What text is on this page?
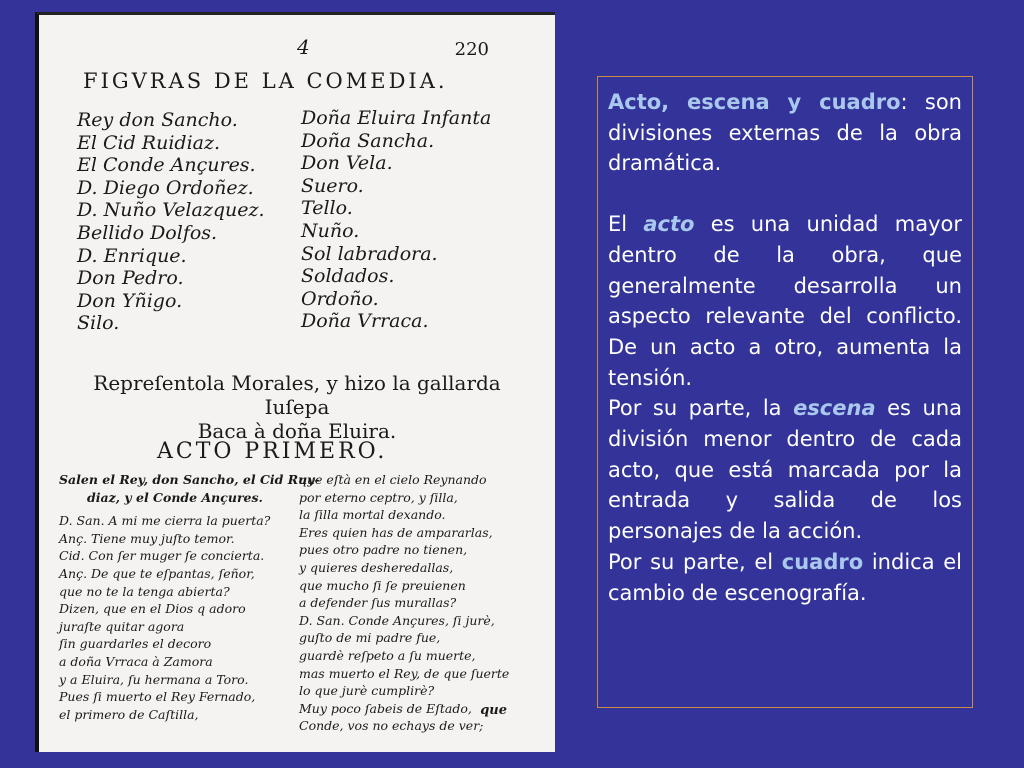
4	220
FIGVRAS DE LA COMEDIA.
Rey don Sancho.
El Cid Ruidiaz.
El Conde Ançures.
D. Diego Ordoñez.
D. Nuño Velazquez.
Bellido Dolfos.
D. Enrique.
Don Pedro.
Don Yñigo.
Silo.
Doña Eluira Infanta
Doña Sancha.
Don Vela.
Suero.
Tello.
Nuño.
Sol labradora.
Soldados.
Ordoño.
Doña Vrraca.
Repreſentola Morales, y hizo la gallarda Iuſepa
Baca à doña Eluira.
ACTO PRIMERO.
Salen el Rey, don Sancho, el Cid Ruy-
diaz, y el Conde Ançures.
D. San. A mi me cierra la puerta?
Anç. Tiene muy juſto temor.
Cid. Con ſer muger ſe concierta.
Anç. De que te eſpantas, ſeñor,
que no te la tenga abierta?
Dizen, que en el Dios q adoro
juraſte quitar agora
ſin guardarles el decoro
a doña Vrraca à Zamora
y a Eluira, ſu hermana a Toro.
Pues ſi muerto el Rey Fernado,
el primero de Caſtilla,
que eſtà en el cielo Reynando
por eterno ceptro, y ſilla,
la ſilla mortal dexando.
Eres quien has de ampararlas,
pues otro padre no tienen,
y quieres desheredallas,
que mucho ſi ſe preuienen
a defender ſus murallas?
D. San. Conde Ançures, ſi jurè,
guſto de mi padre fue,
guardè reſpeto a ſu muerte,
mas muerto el Rey, de que ſuerte
lo que jurè cumplirè?
Muy poco ſabeis de Eſtado,
Conde, vos no echays de ver;
que

Acto, escena y cuadro: son divisiones externas de la obra dramática.

El acto es una unidad mayor dentro de la obra, que generalmente desarrolla un aspecto relevante del conflicto. De un acto a otro, aumenta la tensión.

Por su parte, la escena es una división menor dentro de cada acto, que está marcada por la entrada y salida de los personajes de la acción.

Por su parte, el cuadro indica el cambio de escenografía.
